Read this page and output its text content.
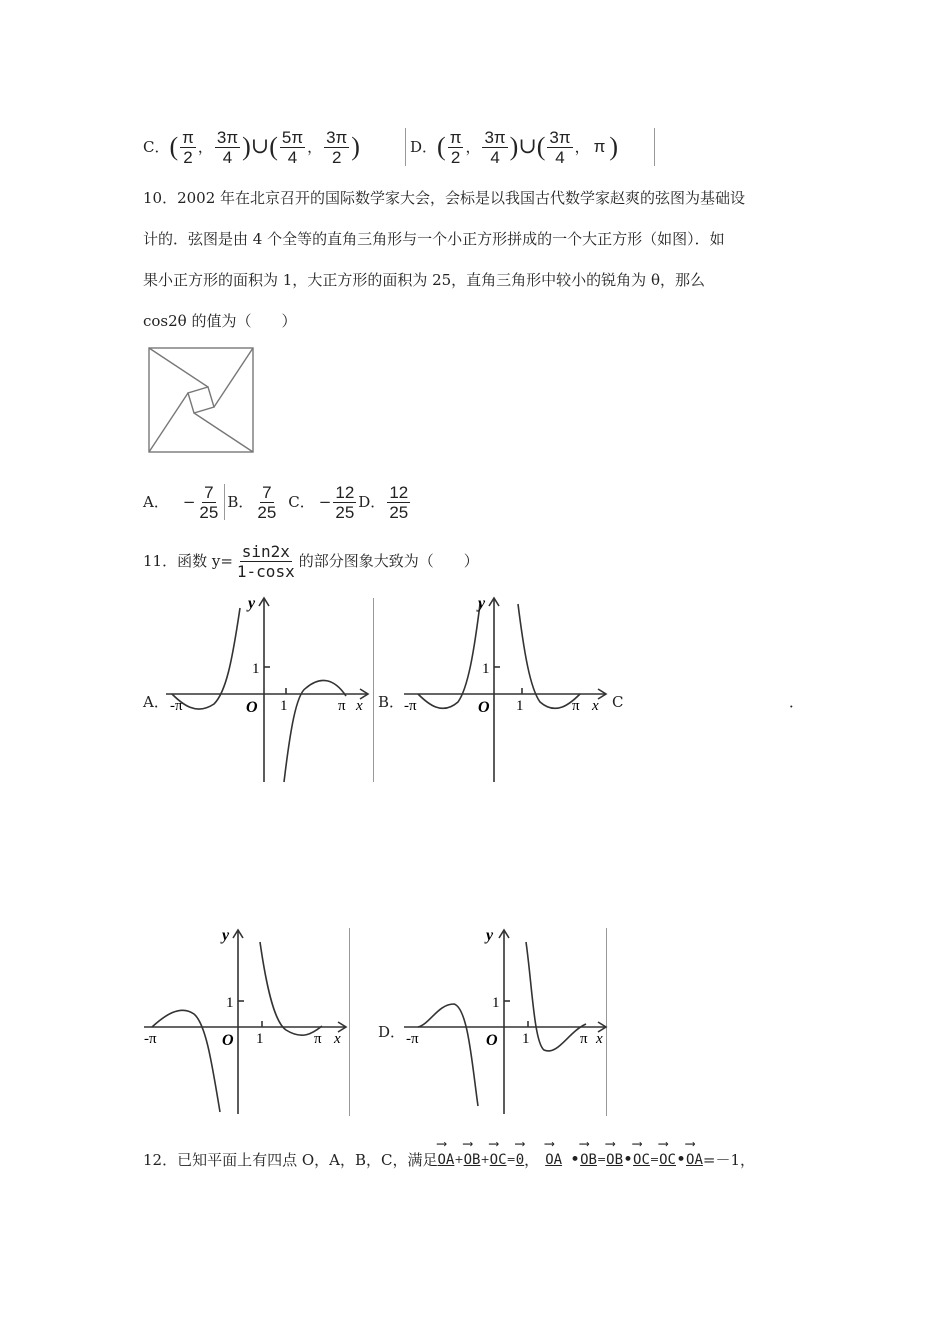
C． ( $\frac{\pi}{2}$ ， $\frac{3\pi}{4}$ ) ∪ ( $\frac{5\pi}{4}$ ， $\frac{3\pi}{2}$ )	D． ( $\frac{\pi}{2}$ ， $\frac{3\pi}{4}$ ) ∪ ( $\frac{3\pi}{4}$ ， π )
10．2002 年在北京召开的国际数学家大会，会标是以我国古代数学家赵爽的弦图为基础设
计的．弦图是由 4 个全等的直角三角形与一个小正方形拼成的一个大正方形（如图）．如
果小正方形的面积为 1，大正方形的面积为 25，直角三角形中较小的锐角为 θ，那么
cos2θ 的值为（　　）
A． − $\frac{7}{25}$ B． $\frac{7}{25}$ C． − $\frac{12}{25}$ D． $\frac{12}{25}$
11．函数 $y= \frac{\sin 2x}{1-\cos x}$ 的部分图象大致为（　　）
A．	B．	C	．
D．
y
1
-π	O 1	π x
y
1
-π	O 1	π x
y
1
-π	O 1	π x
y
1
-π	O 1	π x
12．已知平面上有四点 O，A，B，C，满足 ⟶ OA + ⟶ OB + ⟶ OC = ⟶ 0 ， ⟶ OA • ⟶ OB = ⟶ OB • ⟶ OC = ⟶ OC • ⟶ OA =－1，
